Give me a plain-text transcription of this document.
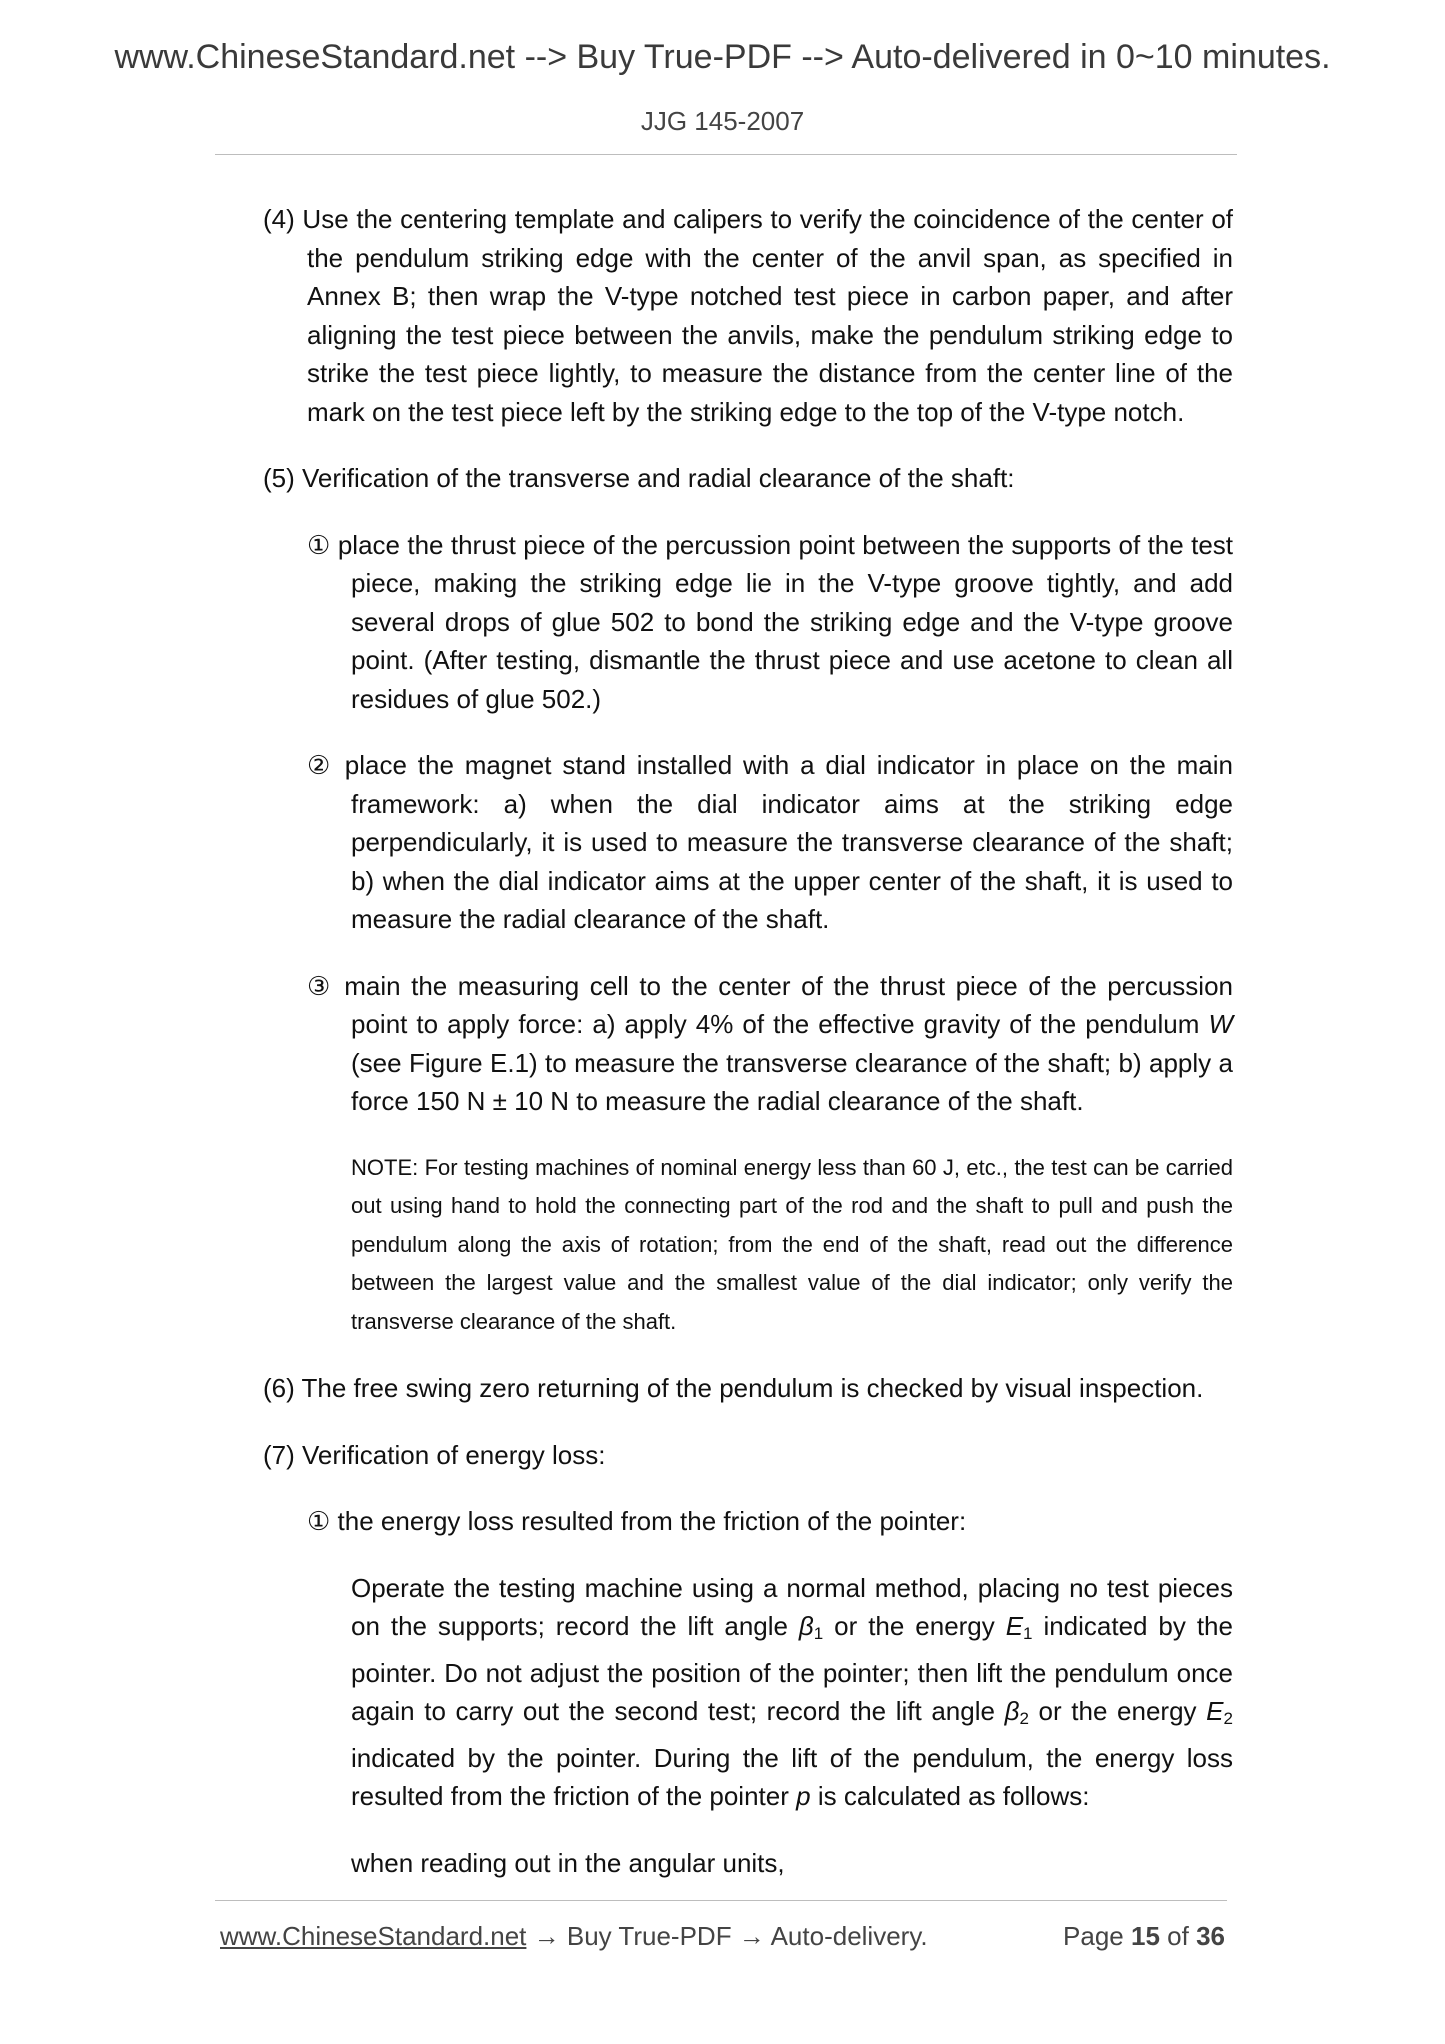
www.ChineseStandard.net --> Buy True-PDF --> Auto-delivered in 0~10 minutes.
JJG 145-2007

(4) Use the centering template and calipers to verify the coincidence of the center of the pendulum striking edge with the center of the anvil span, as specified in Annex B; then wrap the V-type notched test piece in carbon paper, and after aligning the test piece between the anvils, make the pendulum striking edge to strike the test piece lightly, to measure the distance from the center line of the mark on the test piece left by the striking edge to the top of the V-type notch.

(5) Verification of the transverse and radial clearance of the shaft:

① place the thrust piece of the percussion point between the supports of the test piece, making the striking edge lie in the V-type groove tightly, and add several drops of glue 502 to bond the striking edge and the V-type groove point. (After testing, dismantle the thrust piece and use acetone to clean all residues of glue 502.)

② place the magnet stand installed with a dial indicator in place on the main framework: a) when the dial indicator aims at the striking edge perpendicularly, it is used to measure the transverse clearance of the shaft; b) when the dial indicator aims at the upper center of the shaft, it is used to measure the radial clearance of the shaft.

③ main the measuring cell to the center of the thrust piece of the percussion point to apply force: a) apply 4% of the effective gravity of the pendulum W (see Figure E.1) to measure the transverse clearance of the shaft; b) apply a force 150 N ± 10 N to measure the radial clearance of the shaft.

NOTE: For testing machines of nominal energy less than 60 J, etc., the test can be carried out using hand to hold the connecting part of the rod and the shaft to pull and push the pendulum along the axis of rotation; from the end of the shaft, read out the difference between the largest value and the smallest value of the dial indicator; only verify the transverse clearance of the shaft.

(6) The free swing zero returning of the pendulum is checked by visual inspection.

(7) Verification of energy loss:

① the energy loss resulted from the friction of the pointer:

Operate the testing machine using a normal method, placing no test pieces on the supports; record the lift angle $\beta_1$ or the energy $E_1$ indicated by the pointer. Do not adjust the position of the pointer; then lift the pendulum once again to carry out the second test; record the lift angle $\beta_2$ or the energy $E_2$ indicated by the pointer. During the lift of the pendulum, the energy loss resulted from the friction of the pointer p is calculated as follows:

when reading out in the angular units,

www.ChineseStandard.net → Buy True-PDF → Auto-delivery.	Page 15 of 36
